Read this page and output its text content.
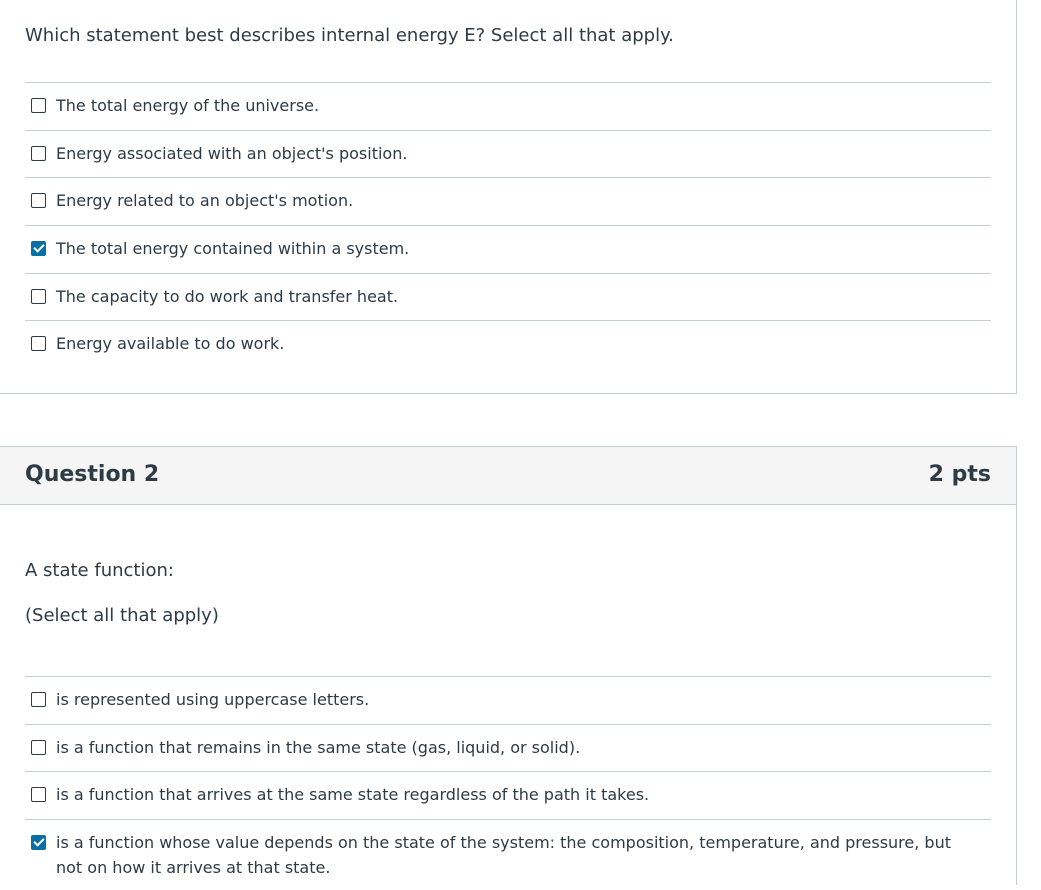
Which statement best describes internal energy E? Select all that apply.
The total energy of the universe.
Energy associated with an object's position.
Energy related to an object's motion.
The total energy contained within a system.
The capacity to do work and transfer heat.
Energy available to do work.
Question 2	2 pts
A state function:
(Select all that apply)
is represented using uppercase letters.
is a function that remains in the same state (gas, liquid, or solid).
is a function that arrives at the same state regardless of the path it takes.
is a function whose value depends on the state of the system: the composition, temperature, and pressure, but not on how it arrives at that state.
